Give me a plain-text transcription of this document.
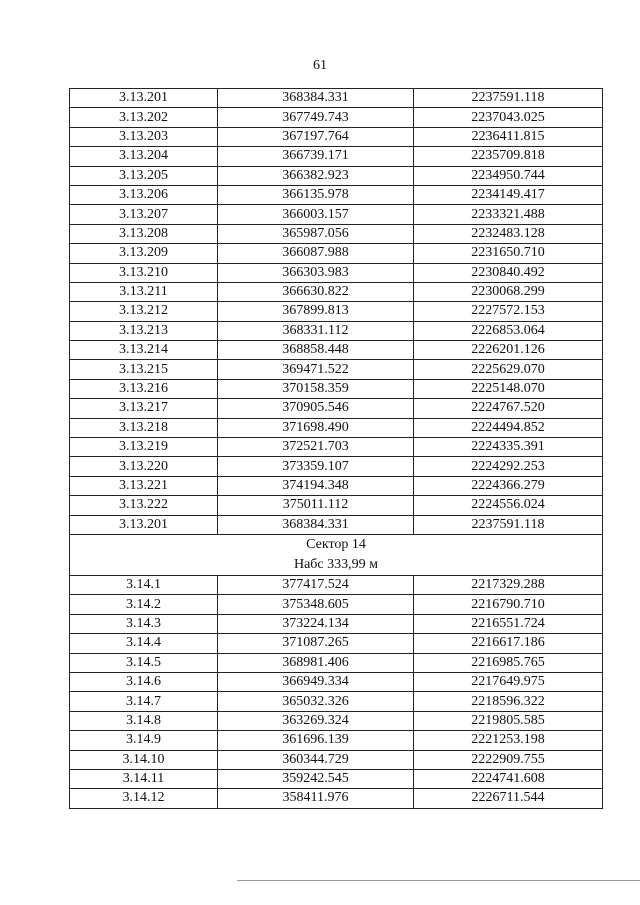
61
3.13.201	368384.331	2237591.118
3.13.202	367749.743	2237043.025
3.13.203	367197.764	2236411.815
3.13.204	366739.171	2235709.818
3.13.205	366382.923	2234950.744
3.13.206	366135.978	2234149.417
3.13.207	366003.157	2233321.488
3.13.208	365987.056	2232483.128
3.13.209	366087.988	2231650.710
3.13.210	366303.983	2230840.492
3.13.211	366630.822	2230068.299
3.13.212	367899.813	2227572.153
3.13.213	368331.112	2226853.064
3.13.214	368858.448	2226201.126
3.13.215	369471.522	2225629.070
3.13.216	370158.359	2225148.070
3.13.217	370905.546	2224767.520
3.13.218	371698.490	2224494.852
3.13.219	372521.703	2224335.391
3.13.220	373359.107	2224292.253
3.13.221	374194.348	2224366.279
3.13.222	375011.112	2224556.024
3.13.201	368384.331	2237591.118
Сектор 14		
Набс 333,99 м		
3.14.1	377417.524	2217329.288
3.14.2	375348.605	2216790.710
3.14.3	373224.134	2216551.724
3.14.4	371087.265	2216617.186
3.14.5	368981.406	2216985.765
3.14.6	366949.334	2217649.975
3.14.7	365032.326	2218596.322
3.14.8	363269.324	2219805.585
3.14.9	361696.139	2221253.198
3.14.10	360344.729	2222909.755
3.14.11	359242.545	2224741.608
3.14.12	358411.976	2226711.544
